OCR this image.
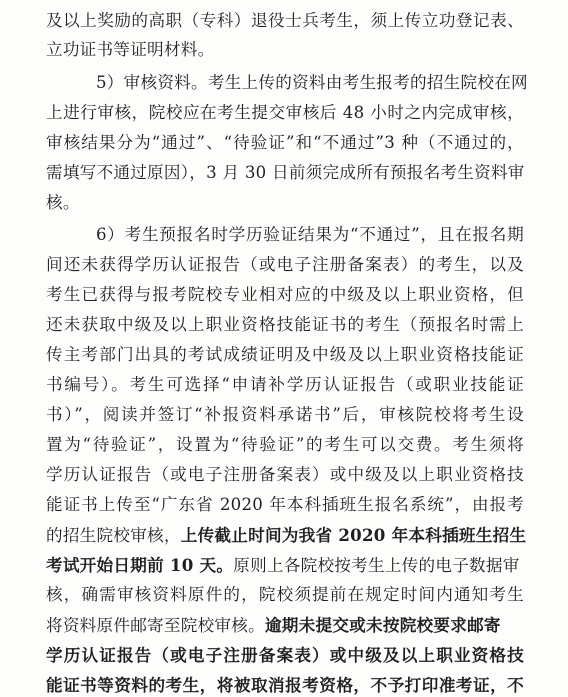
及以上奖励的高职（专科）退役士兵考生，须上传立功登记表、
立功证书等证明材料。
5）审核资料。考生上传的资料由考生报考的招生院校在网
上进行审核，院校应在考生提交审核后 48 小时之内完成审核，
审核结果分为“通过”、“待验证”和“不通过”3 种（不通过的，
需填写不通过原因），3 月 30 日前须完成所有预报名考生资料审
核。
6）考生预报名时学历验证结果为“不通过”，且在报名期
间还未获得学历认证报告（或电子注册备案表）的考生，以及
考生已获得与报考院校专业相对应的中级及以上职业资格，但
还未获取中级及以上职业资格技能证书的考生（预报名时需上
传主考部门出具的考试成绩证明及中级及以上职业资格技能证
书编号）。考生可选择“申请补学历认证报告（或职业技能证
书）”，阅读并签订“补报资料承诺书”后，审核院校将考生设
置为“待验证”，设置为“待验证”的考生可以交费。考生须将
学历认证报告（或电子注册备案表）或中级及以上职业资格技
能证书上传至“广东省 2020 年本科插班生报名系统”，由报考
的招生院校审核，上传截止时间为我省 2020 年本科插班生招生
考试开始日期前 10 天。原则上各院校按考生上传的电子数据审
核，确需审核资料原件的，院校须提前在规定时间内通知考生
将资料原件邮寄至院校审核。逾期未提交或未按院校要求邮寄
学历认证报告（或电子注册备案表）或中级及以上职业资格技
能证书等资料的考生，将被取消报考资格，不予打印准考证，不
